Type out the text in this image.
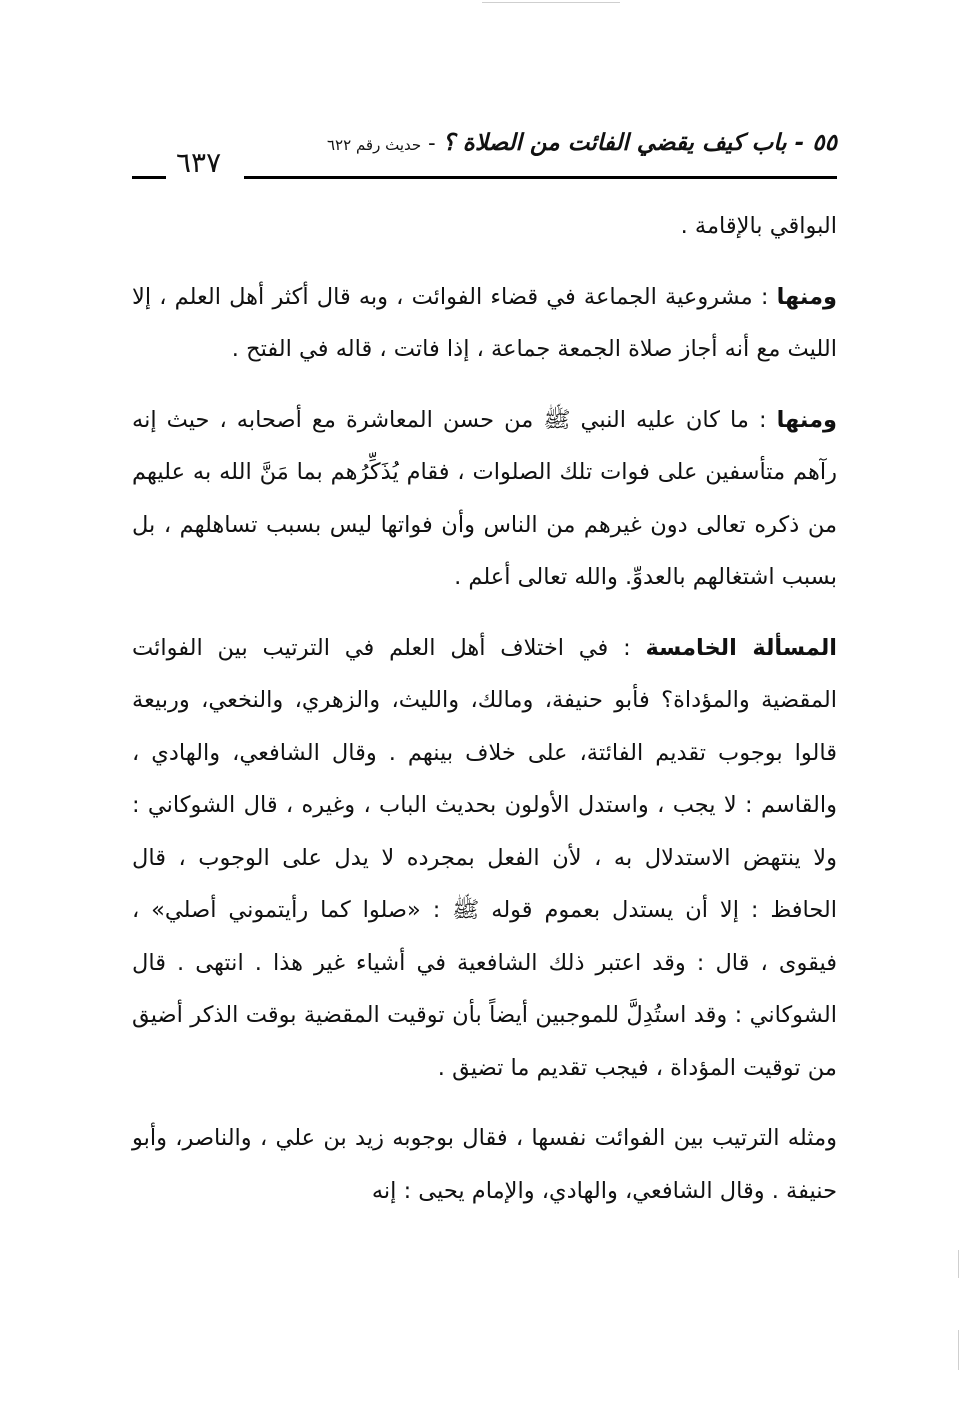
٥٥ - باب كيف يقضي الفائت من الصلاة ؟ - حديث رقم ٦٢٢
٦٣٧

البواقي بالإقامة .

ومنها : مشروعية الجماعة في قضاء الفوائت ، وبه قال أكثر أهل العلم ، إلا الليث مع أنه أجاز صلاة الجمعة جماعة ، إذا فاتت ، قاله في الفتح .

ومنها : ما كان عليه النبي ﷺ من حسن المعاشرة مع أصحابه ، حيث إنه رآهم متأسفين على فوات تلك الصلوات ، فقام يُذَكِّرُهم بما مَنَّ الله به عليهم من ذكره تعالى دون غيرهم من الناس وأن فواتها ليس بسبب تساهلهم ، بل بسبب اشتغالهم بالعدوِّ. والله تعالى أعلم .

المسألة الخامسة : في اختلاف أهل العلم في الترتيب بين الفوائت المقضية والمؤداة؟ فأبو حنيفة، ومالك، والليث، والزهري، والنخعي، وربيعة قالوا بوجوب تقديم الفائتة، على خلاف بينهم . وقال الشافعي، والهادي ، والقاسم : لا يجب ، واستدل الأولون بحديث الباب ، وغيره ، قال الشوكاني : ولا ينتهض الاستدلال به ، لأن الفعل بمجرده لا يدل على الوجوب ، قال الحافظ : إلا أن يستدل بعموم قوله ﷺ : «صلوا كما رأيتموني أصلي» ، فيقوى ، قال : وقد اعتبر ذلك الشافعية في أشياء غير هذا . انتهى . قال الشوكاني : وقد استُدِلَّ للموجبين أيضاً بأن توقيت المقضية بوقت الذكر أضيق من توقيت المؤداة ، فيجب تقديم ما تضيق .

ومثله الترتيب بين الفوائت نفسها ، فقال بوجوبه زيد بن علي ، والناصر، وأبو حنيفة . وقال الشافعي، والهادي، والإمام يحيى : إنه
